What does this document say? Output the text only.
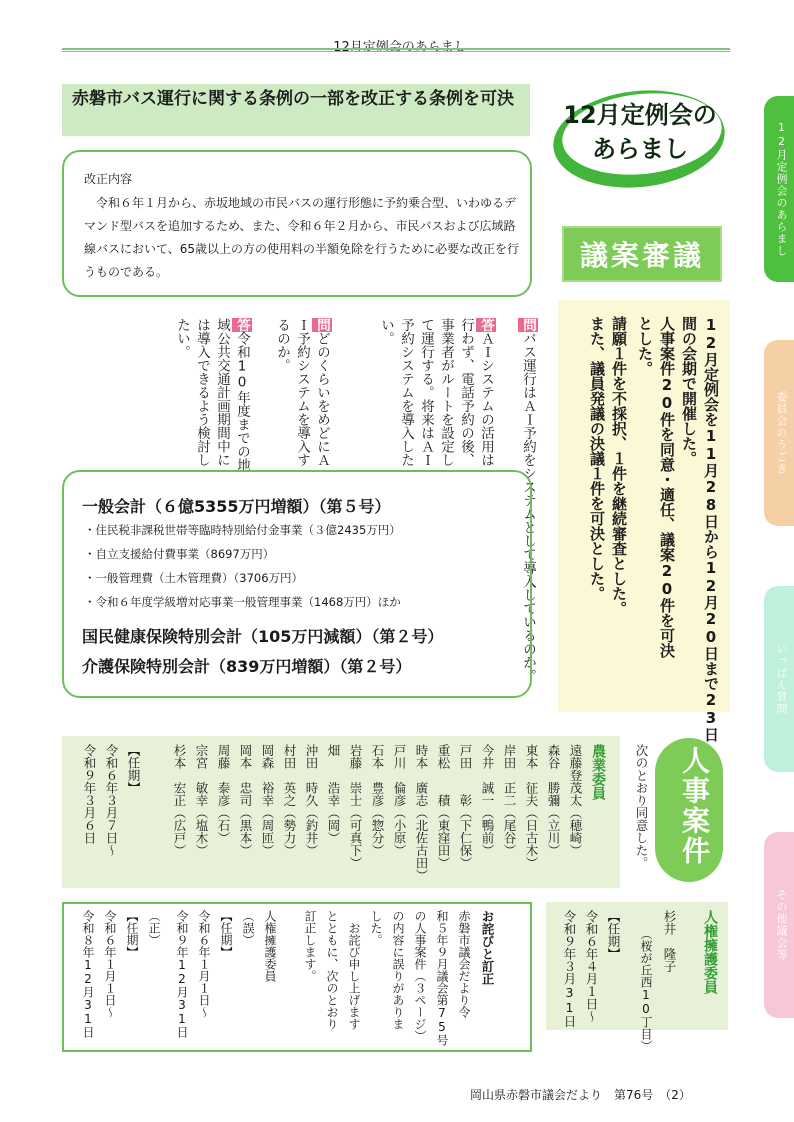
12月定例会のあらまし
委員会のうごき
いっぱん質問
その他議会等
赤磐市バス運行に関する条例の一部を改正する条例を可決
改正内容
令和６年１月から、赤坂地域の市民バスの運行形態に予約乗合型、いわゆるデマンド型バスを追加するため、また、令和６年２月から、市民バスおよび広域路線バスにおいて、65歳以上の方の使用料の半額免除を行うために必要な改正を行うものである。
問バス運行はＡＩ予約をシステムとして導入しているのか。
答ＡＩシステムの活用は行わず、電話予約の後、事業者がルートを設定して運行する。将来はＡＩ予約システムを導入したい。
問どのくらいをめどにＡＩ予約システムを導入するのか。
答令和10年度までの地域公共交通計画期間中には導入できるよう検討したい。
一般会計（６億5355万円増額）（第５号）
・住民税非課税世帯等臨時特別給付金事業（３億2435万円）
・自立支援給付費事業（8697万円）
・一般管理費（土木管理費）（3706万円）
・令和６年度学級増対応事業一般管理事業（1468万円）ほか
国民健康保険特別会計（105万円減額）（第２号）
介護保険特別会計（839万円増額）（第２号）
12月定例会の
あらまし
議案審議
12月定例会を11月28日から12月20日まで23日
間の会期で開催した。
人事案件20件を同意・適任、議案20件を可決
とした。
請願１件を不採択、１件を継続審査とした。
また、議員発議の決議１件を可決とした。
人事案件
次のとおり同意した。
農業委員
遠藤登茂太（穂崎）
森谷　勝彌（立川）
東本　征夫（日古木）
岸田　正二（尾谷）
今井　誠一（鴨前）
戸田　　彰（下仁保）
重松　　積（東窪田）
時本　廣志（北佐古田）
戸川　倫彦（小原）
石本　豊彦（惣分）
岩藤　崇士（可真下）
畑　　浩幸（岡）
沖田　時久（釣井）
村田　英之（勢力）
岡森　裕幸（周匝）
岡本　忠司（黒本）
周藤　泰彦（石）
宗宮　敏幸（塩木）
杉本　宏正（広戸）
【任期】
令和６年３月７日～
令和９年３月６日
人権擁護委員
杉井　隆子
（桜が丘西10丁目）
【任期】
令和６年４月１日～
令和９年３月31日
お詫びと訂正
赤磐市議会だより令
和５年９月議会第75号
の人事案件（３ページ）
の内容に誤りがありま
した。
　お詫び申し上げます
とともに、次のとおり
訂正します。
人権擁護委員
（誤）
【任期】
令和６年１月１日～
令和９年12月31日
（正）
【任期】
令和６年１月１日～
令和８年12月31日
岡山県赤磐市議会だより　第76号　（2）
